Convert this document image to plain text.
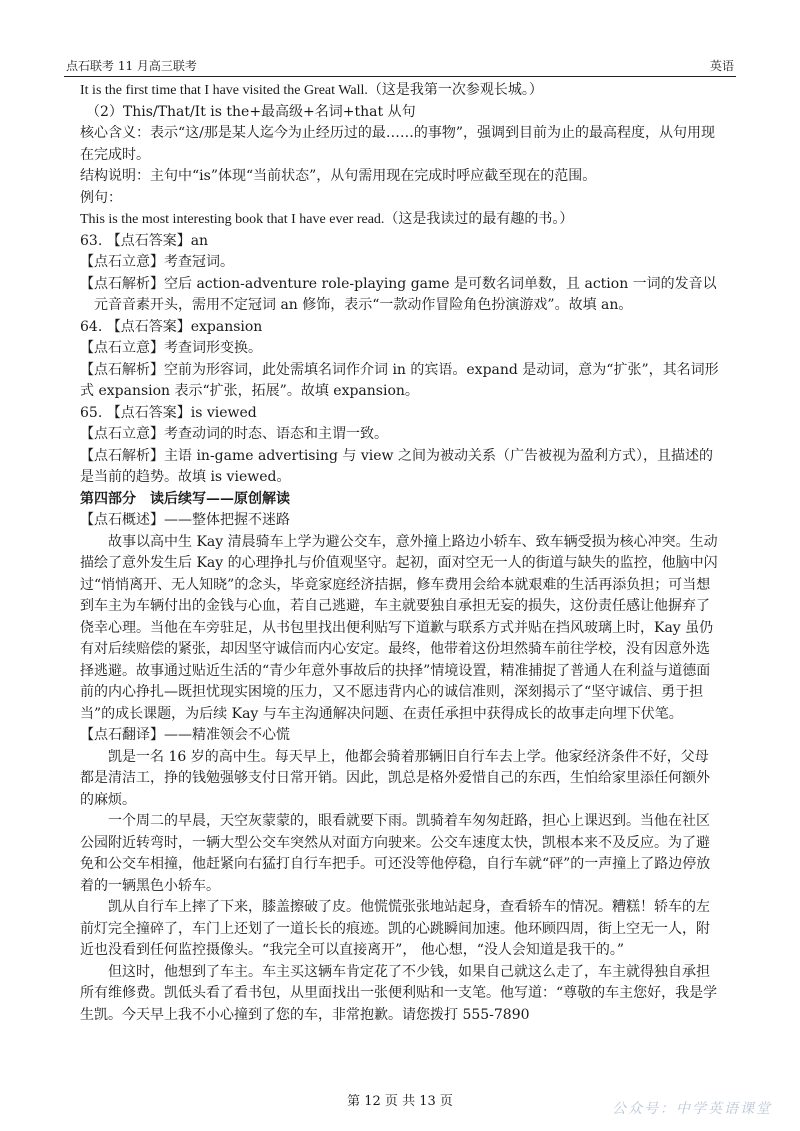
点石联考 11 月高三联考	英语

It is the first time that I have visited the Great Wall.（这是我第一次参观长城。）

（2）This/That/It is the+最高级+名词+that 从句

核心含义：表示“这/那是某人迄今为止经历过的最……的事物”，强调到目前为止的最高程度，从句用现在完成时。

结构说明：主句中“is”体现“当前状态”，从句需用现在完成时呼应截至现在的范围。

例句：

This is the most interesting book that I have ever read.（这是我读过的最有趣的书。）

63. 【点石答案】an

【点石立意】考查冠词。

【点石解析】空后 action-adventure role-playing game 是可数名词单数，且 action 一词的发音以元音音素开头，需用不定冠词 an 修饰，表示“一款动作冒险角色扮演游戏”。故填 an。

64. 【点石答案】expansion

【点石立意】考查词形变换。

【点石解析】空前为形容词，此处需填名词作介词 in 的宾语。expand 是动词，意为“扩张”，其名词形式 expansion 表示“扩张，拓展”。故填 expansion。

65. 【点石答案】is viewed

【点石立意】考查动词的时态、语态和主谓一致。

【点石解析】主语 in-game advertising 与 view 之间为被动关系（广告被视为盈利方式），且描述的是当前的趋势。故填 is viewed。

第四部分　读后续写——原创解读

【点石概述】——整体把握不迷路

故事以高中生 Kay 清晨骑车上学为避公交车，意外撞上路边小轿车、致车辆受损为核心冲突。生动描绘了意外发生后 Kay 的心理挣扎与价值观坚守。起初，面对空无一人的街道与缺失的监控，他脑中闪过“悄悄离开、无人知晓”的念头，毕竟家庭经济拮据，修车费用会给本就艰难的生活再添负担；可当想到车主为车辆付出的金钱与心血，若自己逃避，车主就要独自承担无妄的损失，这份责任感让他摒弃了侥幸心理。当他在车旁驻足，从书包里找出便利贴写下道歉与联系方式并贴在挡风玻璃上时，Kay 虽仍有对后续赔偿的紧张，却因坚守诚信而内心安定。最终，他带着这份坦然骑车前往学校，没有因意外选择逃避。故事通过贴近生活的“青少年意外事故后的抉择”情境设置，精准捕捉了普通人在利益与道德面前的内心挣扎—既担忧现实困境的压力，又不愿违背内心的诚信准则，深刻揭示了“坚守诚信、勇于担当”的成长课题，为后续 Kay 与车主沟通解决问题、在责任承担中获得成长的故事走向埋下伏笔。

【点石翻译】——精准领会不心慌

凯是一名 16 岁的高中生。每天早上，他都会骑着那辆旧自行车去上学。他家经济条件不好，父母都是清洁工，挣的钱勉强够支付日常开销。因此，凯总是格外爱惜自己的东西，生怕给家里添任何额外的麻烦。

一个周二的早晨，天空灰蒙蒙的，眼看就要下雨。凯骑着车匆匆赶路，担心上课迟到。当他在社区公园附近转弯时，一辆大型公交车突然从对面方向驶来。公交车速度太快，凯根本来不及反应。为了避免和公交车相撞，他赶紧向右猛打自行车把手。可还没等他停稳，自行车就“砰”的一声撞上了路边停放着的一辆黑色小轿车。

凯从自行车上摔了下来，膝盖擦破了皮。他慌慌张张地站起身，查看轿车的情况。糟糕！轿车的左前灯完全撞碎了，车门上还划了一道长长的痕迹。凯的心跳瞬间加速。他环顾四周，街上空无一人，附近也没看到任何监控摄像头。“我完全可以直接离开”， 他心想，“没人会知道是我干的。”

但这时，他想到了车主。车主买这辆车肯定花了不少钱，如果自己就这么走了，车主就得独自承担所有维修费。凯低头看了看书包，从里面找出一张便利贴和一支笔。他写道：“尊敬的车主您好，我是学生凯。今天早上我不小心撞到了您的车，非常抱歉。请您拨打 555-7890

第 12 页 共 13 页	公众号：中学英语课堂
